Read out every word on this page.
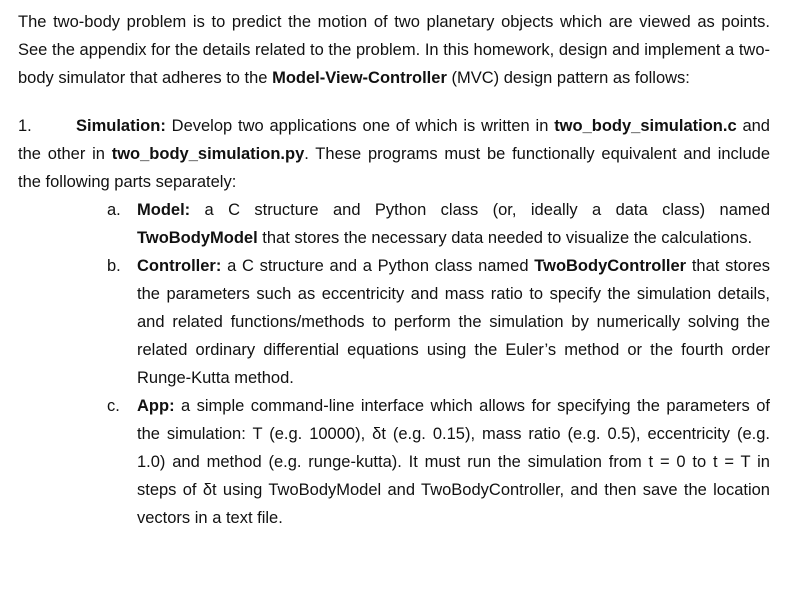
The two-body problem is to predict the motion of two planetary objects which are viewed as points. See the appendix for the details related to the problem. In this homework, design and implement a two-body simulator that adheres to the Model-View-Controller (MVC) design pattern as follows:

1.	Simulation: Develop two applications one of which is written in two_body_simulation.c and the other in two_body_simulation.py. These programs must be functionally equivalent and include the following parts separately:

a. Model: a C structure and Python class (or, ideally a data class) named TwoBodyModel that stores the necessary data needed to visualize the calculations.
b. Controller: a C structure and a Python class named TwoBodyController that stores the parameters such as eccentricity and mass ratio to specify the simulation details, and related functions/methods to perform the simulation by numerically solving the related ordinary differential equations using the Euler’s method or the fourth order Runge-Kutta method.
c. App: a simple command-line interface which allows for specifying the parameters of the simulation: T (e.g. 10000), δt (e.g. 0.15), mass ratio (e.g. 0.5), eccentricity (e.g. 1.0) and method (e.g. runge-kutta). It must run the simulation from t = 0 to t = T in steps of δt using TwoBodyModel and TwoBodyController, and then save the location vectors in a text file.
